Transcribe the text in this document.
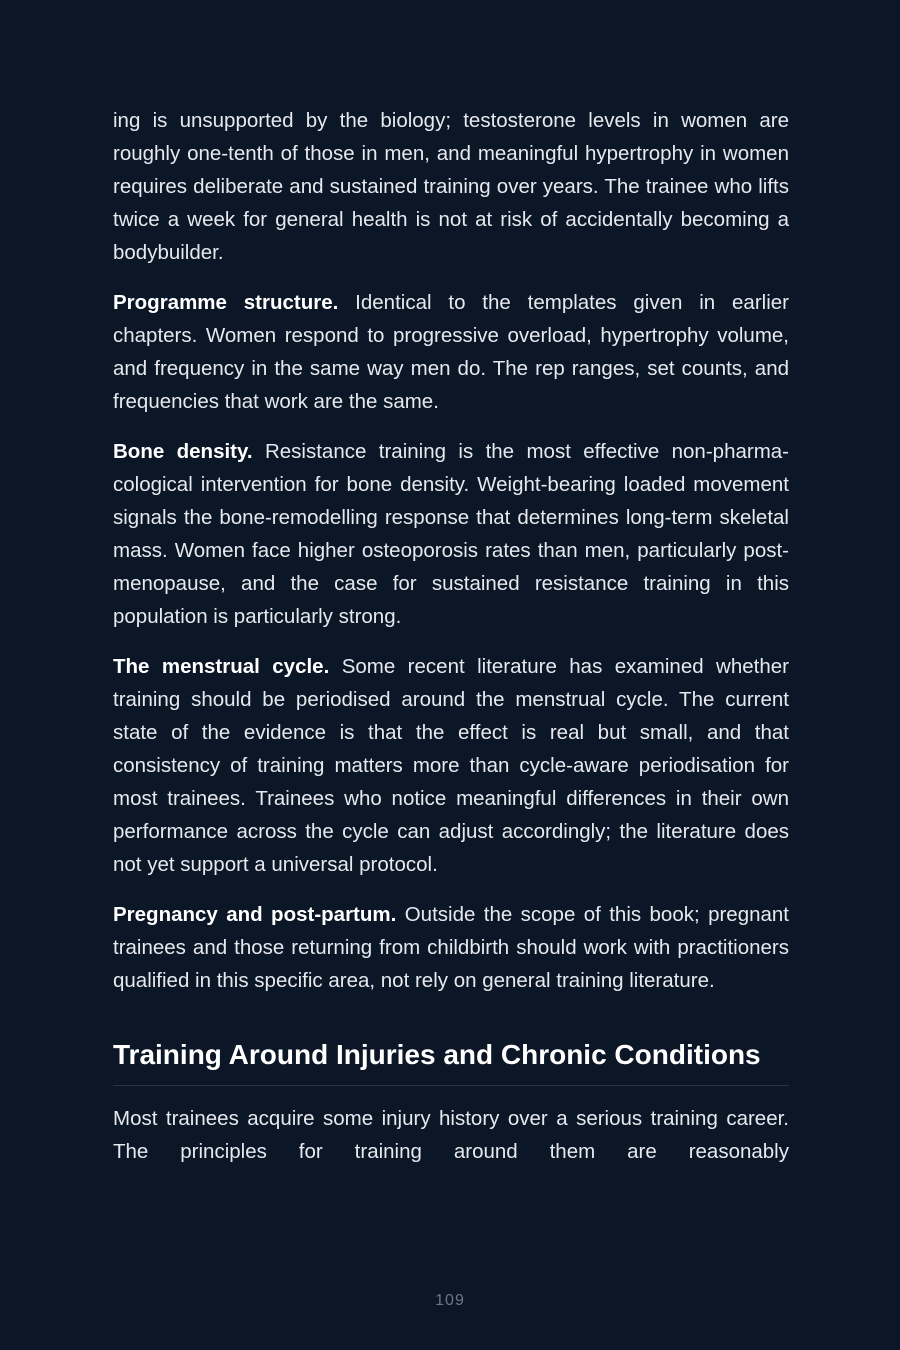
ing is unsupported by the biology; testosterone levels in women are roughly one-tenth of those in men, and meaningful hypertrophy in women requires deliberate and sustained training over years. The trainee who lifts twice a week for general health is not at risk of accidentally becoming a bodybuilder.

Programme structure. Identical to the templates given in earlier chapters. Women respond to progressive overload, hypertrophy volume, and frequency in the same way men do. The rep ranges, set counts, and frequencies that work are the same.

Bone density. Resistance training is the most effective non-pharmacological intervention for bone density. Weight-bearing loaded movement signals the bone-remodelling response that determines long-term skeletal mass. Women face higher osteoporosis rates than men, particularly post-menopause, and the case for sustained resistance training in this population is particularly strong.

The menstrual cycle. Some recent literature has examined whether training should be periodised around the menstrual cycle. The current state of the evidence is that the effect is real but small, and that consistency of training matters more than cycle-aware periodisation for most trainees. Trainees who notice meaningful differences in their own performance across the cycle can adjust accordingly; the literature does not yet support a universal protocol.

Pregnancy and post-partum. Outside the scope of this book; pregnant trainees and those returning from childbirth should work with practitioners qualified in this specific area, not rely on general training literature.

Training Around Injuries and Chronic Conditions

Most trainees acquire some injury history over a serious training career. The principles for training around them are reasonably

109
